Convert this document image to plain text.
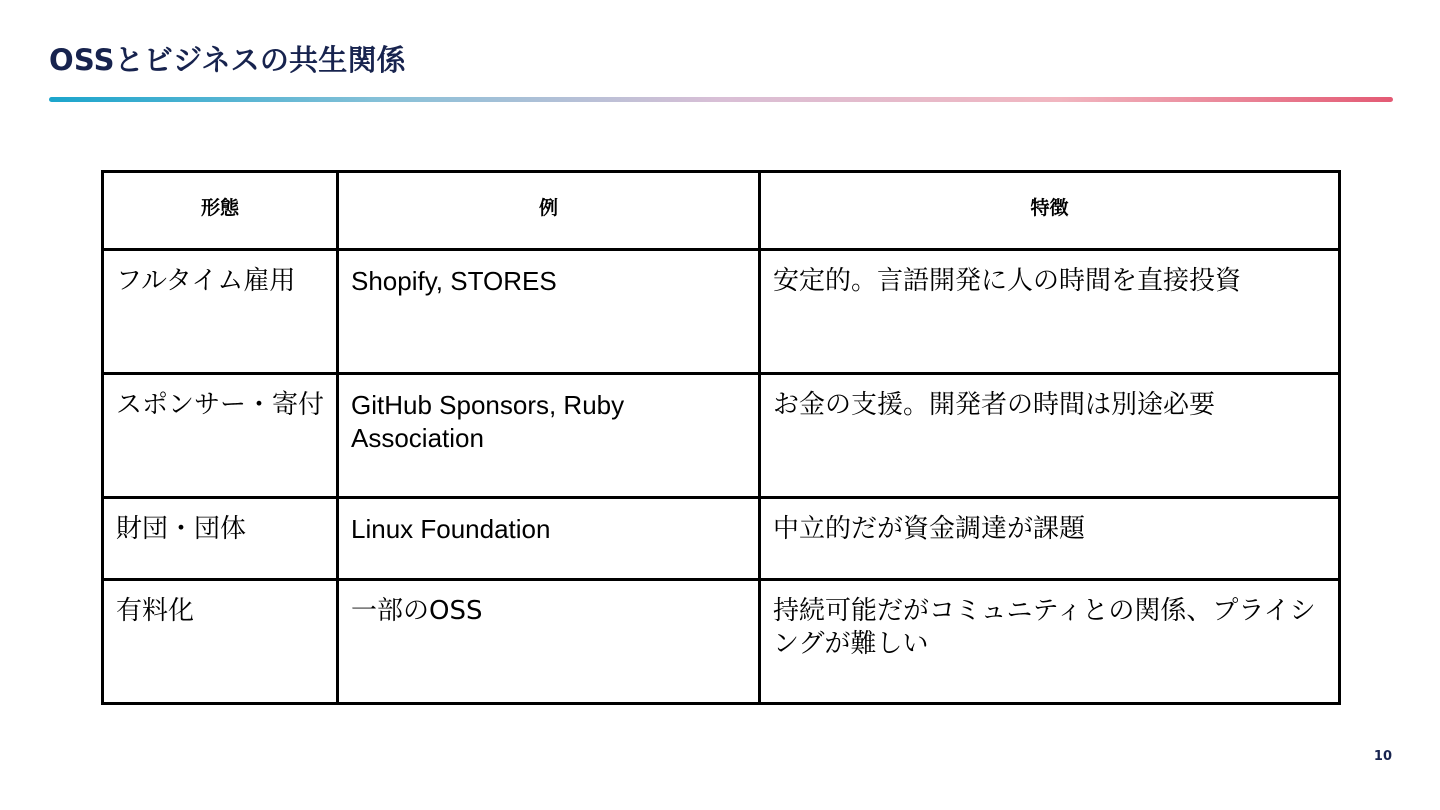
OSSとビジネスの共生関係
形態	例	特徴
フルタイム雇用	Shopify, STORES	安定的。言語開発に人の時間を直接投資
スポンサー・寄付	GitHub Sponsors, Ruby Association	お金の支援。開発者の時間は別途必要
財団・団体	Linux Foundation	中立的だが資金調達が課題
有料化	一部のOSS	持続可能だがコミュニティとの関係、プライシングが難しい
10
